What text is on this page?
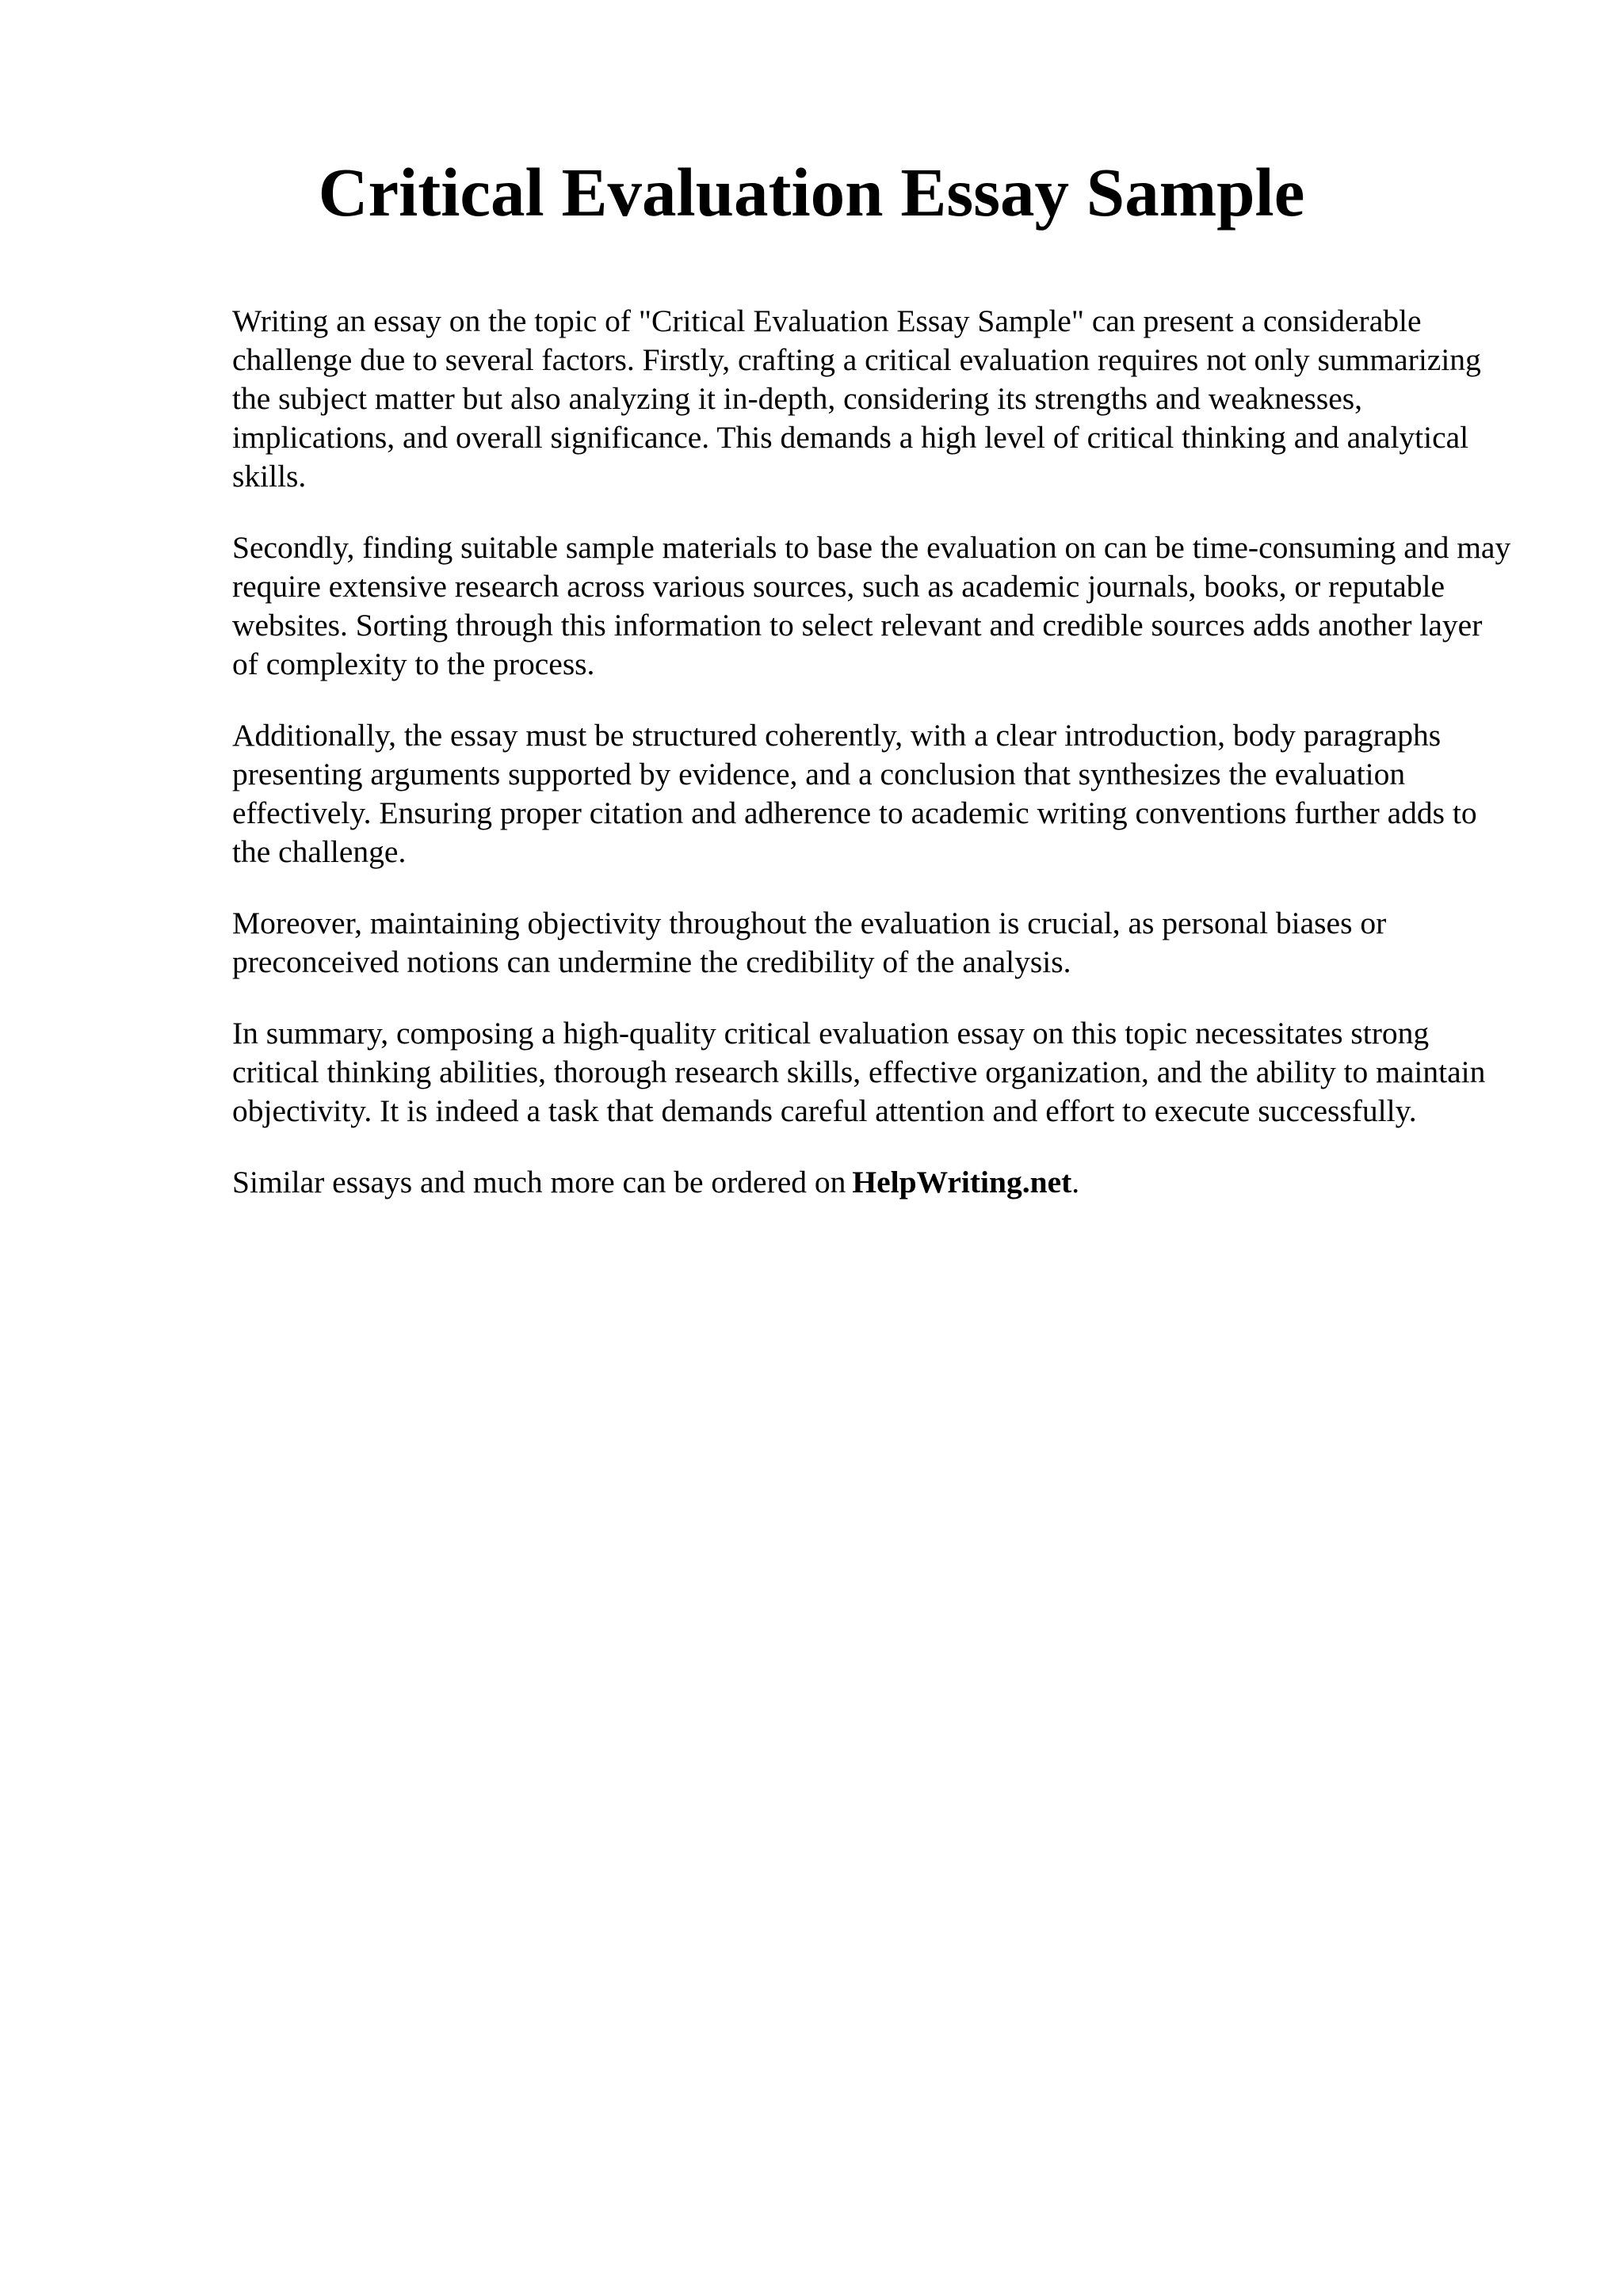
Critical Evaluation Essay Sample

Writing an essay on the topic of "Critical Evaluation Essay Sample" can present a considerable challenge due to several factors. Firstly, crafting a critical evaluation requires not only summarizing the subject matter but also analyzing it in-depth, considering its strengths and weaknesses, implications, and overall significance. This demands a high level of critical thinking and analytical skills.

Secondly, finding suitable sample materials to base the evaluation on can be time-consuming and may require extensive research across various sources, such as academic journals, books, or reputable websites. Sorting through this information to select relevant and credible sources adds another layer of complexity to the process.

Additionally, the essay must be structured coherently, with a clear introduction, body paragraphs presenting arguments supported by evidence, and a conclusion that synthesizes the evaluation effectively. Ensuring proper citation and adherence to academic writing conventions further adds to the challenge.

Moreover, maintaining objectivity throughout the evaluation is crucial, as personal biases or preconceived notions can undermine the credibility of the analysis.

In summary, composing a high-quality critical evaluation essay on this topic necessitates strong critical thinking abilities, thorough research skills, effective organization, and the ability to maintain objectivity. It is indeed a task that demands careful attention and effort to execute successfully.

Similar essays and much more can be ordered on HelpWriting.net.
